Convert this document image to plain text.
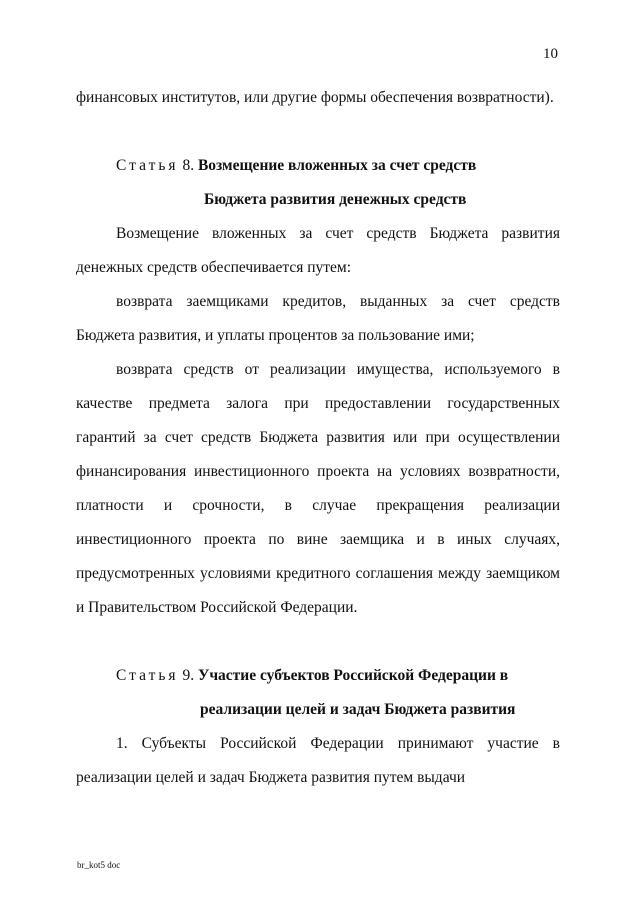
10

финансовых институтов, или другие формы обеспечения возвратности).

Статья 8. Возмещение вложенных за счет средств

Бюджета развития денежных средств

Возмещение вложенных за счет средств Бюджета развития денежных средств обеспечивается путем:

возврата заемщиками кредитов, выданных за счет средств Бюджета развития, и уплаты процентов за пользование ими;

возврата средств от реализации имущества, используемого в качестве предмета залога при предоставлении государственных гарантий за счет средств Бюджета развития или при осуществлении финансирования инвестиционного проекта на условиях возвратности, платности и срочности, в случае прекращения реализации инвестиционного проекта по вине заемщика и в иных случаях, предусмотренных условиями кредитного соглашения между заемщиком и Правительством Российской Федерации.

Статья 9. Участие субъектов Российской Федерации в

реализации целей и задач Бюджета развития

1. Субъекты Российской Федерации принимают участие в реализации целей и задач Бюджета развития путем выдачи

br_kot5 doc
